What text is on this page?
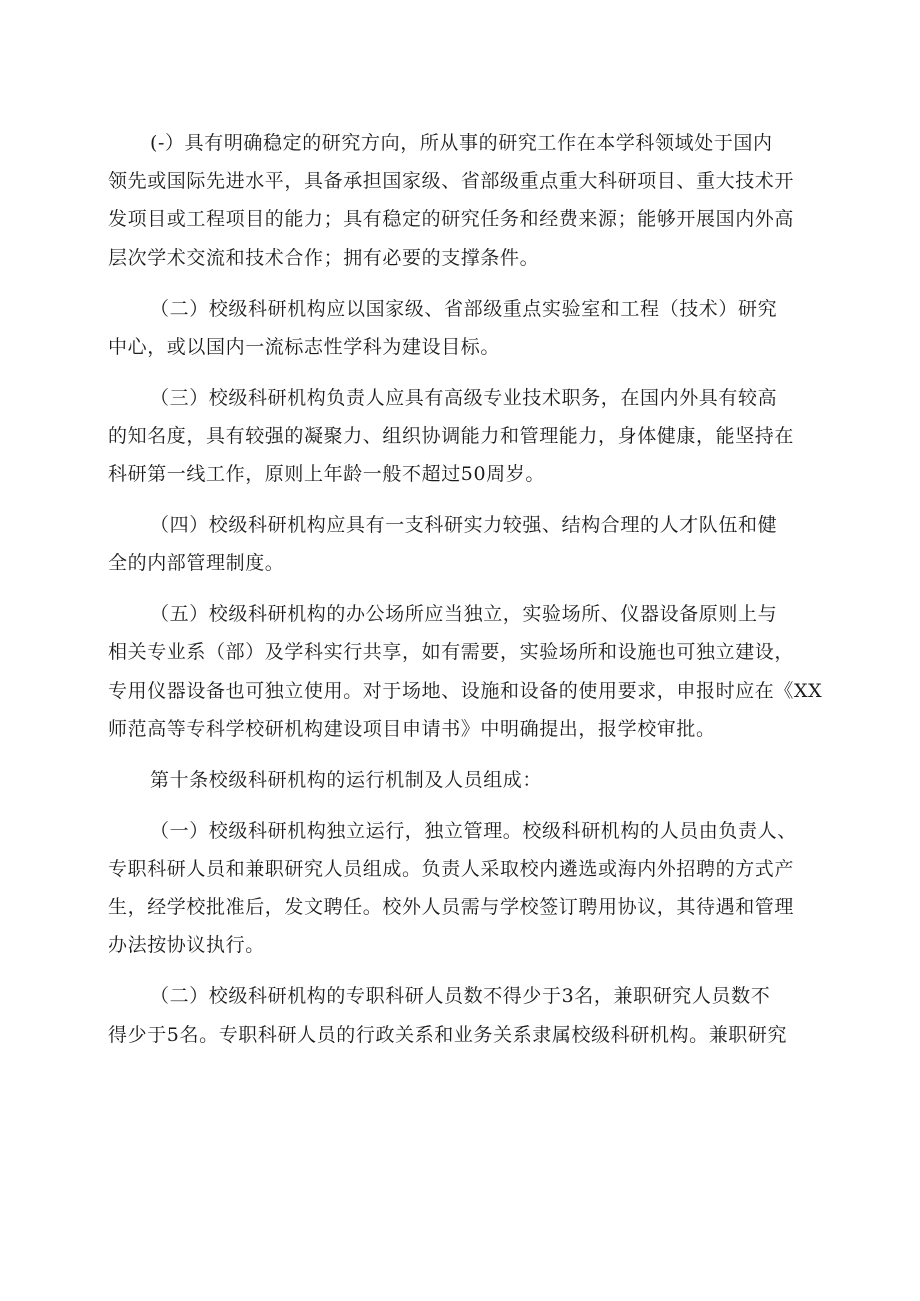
(-）具有明确稳定的研究方向，所从事的研究工作在本学科领域处于国内
领先或国际先进水平，具备承担国家级、省部级重点重大科研项目、重大技术开
发项目或工程项目的能力；具有稳定的研究任务和经费来源；能够开展国内外高
层次学术交流和技术合作；拥有必要的支撑条件。
（二）校级科研机构应以国家级、省部级重点实验室和工程（技术）研究
中心，或以国内一流标志性学科为建设目标。
（三）校级科研机构负责人应具有高级专业技术职务，在国内外具有较高
的知名度，具有较强的凝聚力、组织协调能力和管理能力，身体健康，能坚持在
科研第一线工作，原则上年龄一般不超过50周岁。
（四）校级科研机构应具有一支科研实力较强、结构合理的人才队伍和健
全的内部管理制度。
（五）校级科研机构的办公场所应当独立，实验场所、仪器设备原则上与
相关专业系（部）及学科实行共享，如有需要，实验场所和设施也可独立建设，
专用仪器设备也可独立使用。对于场地、设施和设备的使用要求，申报时应在《XX
师范高等专科学校研机构建设项目申请书》中明确提出，报学校审批。
第十条校级科研机构的运行机制及人员组成：
（一）校级科研机构独立运行，独立管理。校级科研机构的人员由负责人、
专职科研人员和兼职研究人员组成。负责人采取校内遴选或海内外招聘的方式产
生，经学校批准后，发文聘任。校外人员需与学校签订聘用协议，其待遇和管理
办法按协议执行。
（二）校级科研机构的专职科研人员数不得少于3名，兼职研究人员数不
得少于5名。专职科研人员的行政关系和业务关系隶属校级科研机构。兼职研究
